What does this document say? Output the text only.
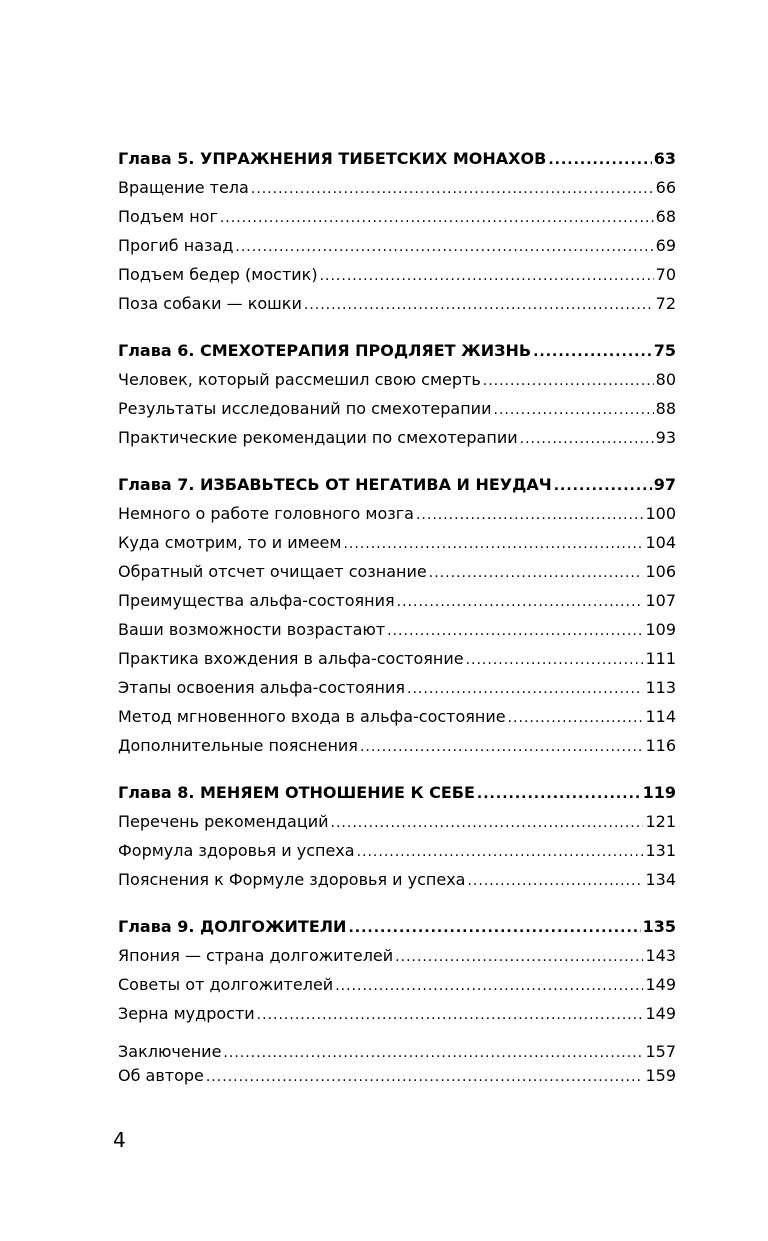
Глава 5. УПРАЖНЕНИЯ ТИБЕТСКИХ МОНАХОВ .....	63
Вращение тела .....	66
Подъем ног .....	68
Прогиб назад .....	69
Подъем бедер (мостик) .....	70
Поза собаки — кошки .....	72
Глава 6. СМЕХОТЕРАПИЯ ПРОДЛЯЕТ ЖИЗНЬ .....	75
Человек, который рассмешил свою смерть .....	80
Результаты исследований по смехотерапии .....	88
Практические рекомендации по смехотерапии .....	93
Глава 7. ИЗБАВЬТЕСЬ ОТ НЕГАТИВА И НЕУДАЧ .....	97
Немного о работе головного мозга .....	100
Куда смотрим, то и имеем .....	104
Обратный отсчет очищает сознание .....	106
Преимущества альфа-состояния .....	107
Ваши возможности возрастают .....	109
Практика вхождения в альфа-состояние .....	111
Этапы освоения альфа-состояния .....	113
Метод мгновенного входа в альфа-состояние .....	114
Дополнительные пояснения .....	116
Глава 8. МЕНЯЕМ ОТНОШЕНИЕ К СЕБЕ .....	119
Перечень рекомендаций .....	121
Формула здоровья и успеха .....	131
Пояснения к Формуле здоровья и успеха .....	134
Глава 9. ДОЛГОЖИТЕЛИ .....	135
Япония — страна долгожителей .....	143
Советы от долгожителей .....	149
Зерна мудрости .....	149
Заключение .....	157
Об авторе .....	159
4
